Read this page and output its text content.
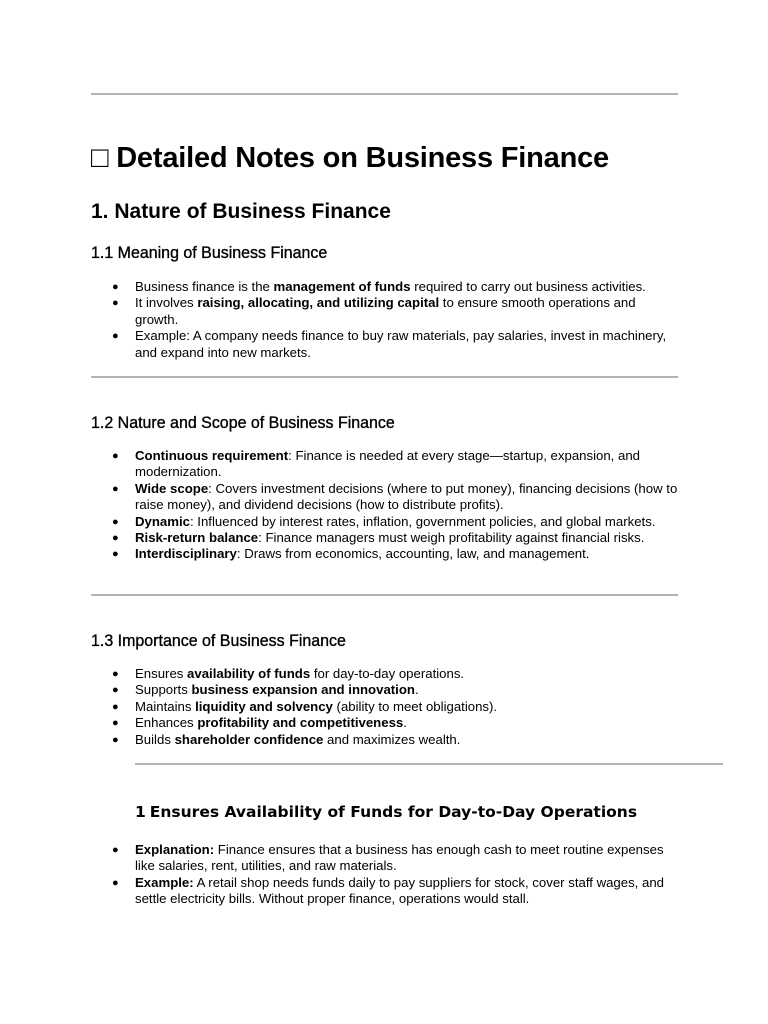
□ Detailed Notes on Business Finance
1. Nature of Business Finance
1.1 Meaning of Business Finance
● Business finance is the management of funds required to carry out business activities.
● It involves raising, allocating, and utilizing capital to ensure smooth operations and growth.
● Example: A company needs finance to buy raw materials, pay salaries, invest in machinery, and expand into new markets.
1.2 Nature and Scope of Business Finance
● Continuous requirement: Finance is needed at every stage—startup, expansion, and modernization.
● Wide scope: Covers investment decisions (where to put money), financing decisions (how to raise money), and dividend decisions (how to distribute profits).
● Dynamic: Influenced by interest rates, inflation, government policies, and global markets.
● Risk-return balance: Finance managers must weigh profitability against financial risks.
● Interdisciplinary: Draws from economics, accounting, law, and management.
1.3 Importance of Business Finance
● Ensures availability of funds for day-to-day operations.
● Supports business expansion and innovation.
● Maintains liquidity and solvency (ability to meet obligations).
● Enhances profitability and competitiveness.
● Builds shareholder confidence and maximizes wealth.
1 Ensures Availability of Funds for Day-to-Day Operations
● Explanation: Finance ensures that a business has enough cash to meet routine expenses like salaries, rent, utilities, and raw materials.
● Example: A retail shop needs funds daily to pay suppliers for stock, cover staff wages, and settle electricity bills. Without proper finance, operations would stall.
